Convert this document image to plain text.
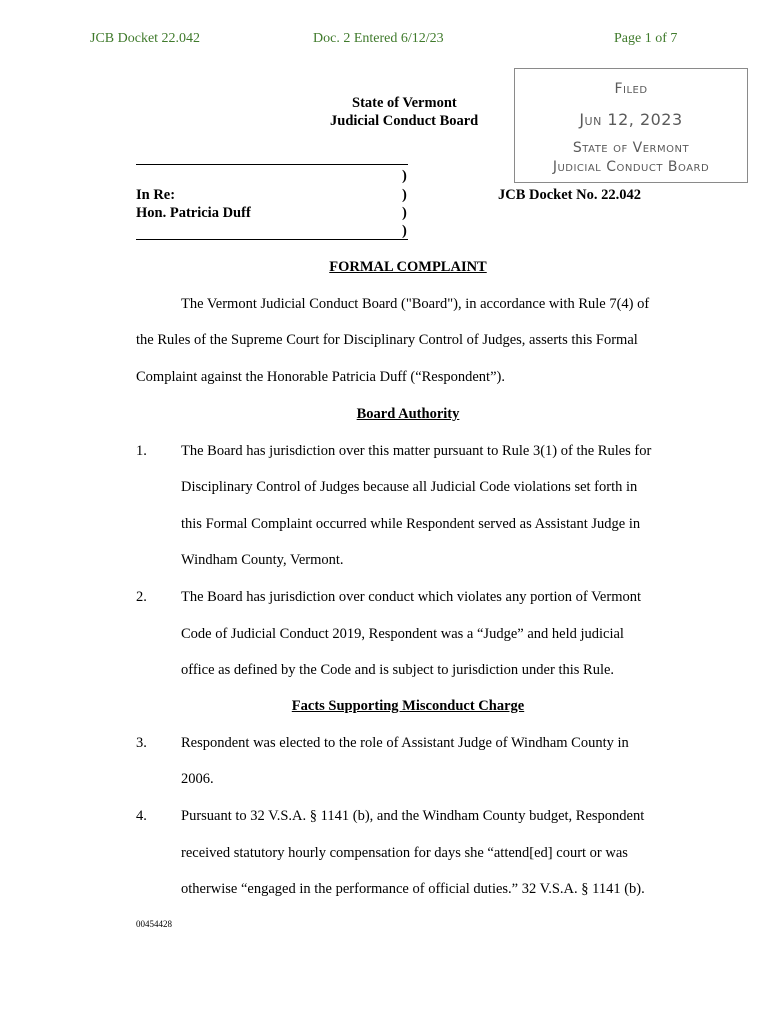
JCB Docket 22.042	Doc. 2 Entered 6/12/23	Page 1 of 7
Filed
Jun 12, 2023
State of Vermont
Judicial Conduct Board
State of Vermont
Judicial Conduct Board
)
In Re:	)	JCB Docket No. 22.042
Hon. Patricia Duff	)
)
FORMAL COMPLAINT
The Vermont Judicial Conduct Board ("Board"), in accordance with Rule 7(4) of
the Rules of the Supreme Court for Disciplinary Control of Judges, asserts this Formal
Complaint against the Honorable Patricia Duff (“Respondent”).
Board Authority
1. The Board has jurisdiction over this matter pursuant to Rule 3(1) of the Rules for
Disciplinary Control of Judges because all Judicial Code violations set forth in
this Formal Complaint occurred while Respondent served as Assistant Judge in
Windham County, Vermont.
2. The Board has jurisdiction over conduct which violates any portion of Vermont
Code of Judicial Conduct 2019, Respondent was a “Judge” and held judicial
office as defined by the Code and is subject to jurisdiction under this Rule.
Facts Supporting Misconduct Charge
3. Respondent was elected to the role of Assistant Judge of Windham County in
2006.
4. Pursuant to 32 V.S.A. § 1141 (b), and the Windham County budget, Respondent
received statutory hourly compensation for days she “attend[ed] court or was
otherwise “engaged in the performance of official duties.” 32 V.S.A. § 1141 (b).
00454428
